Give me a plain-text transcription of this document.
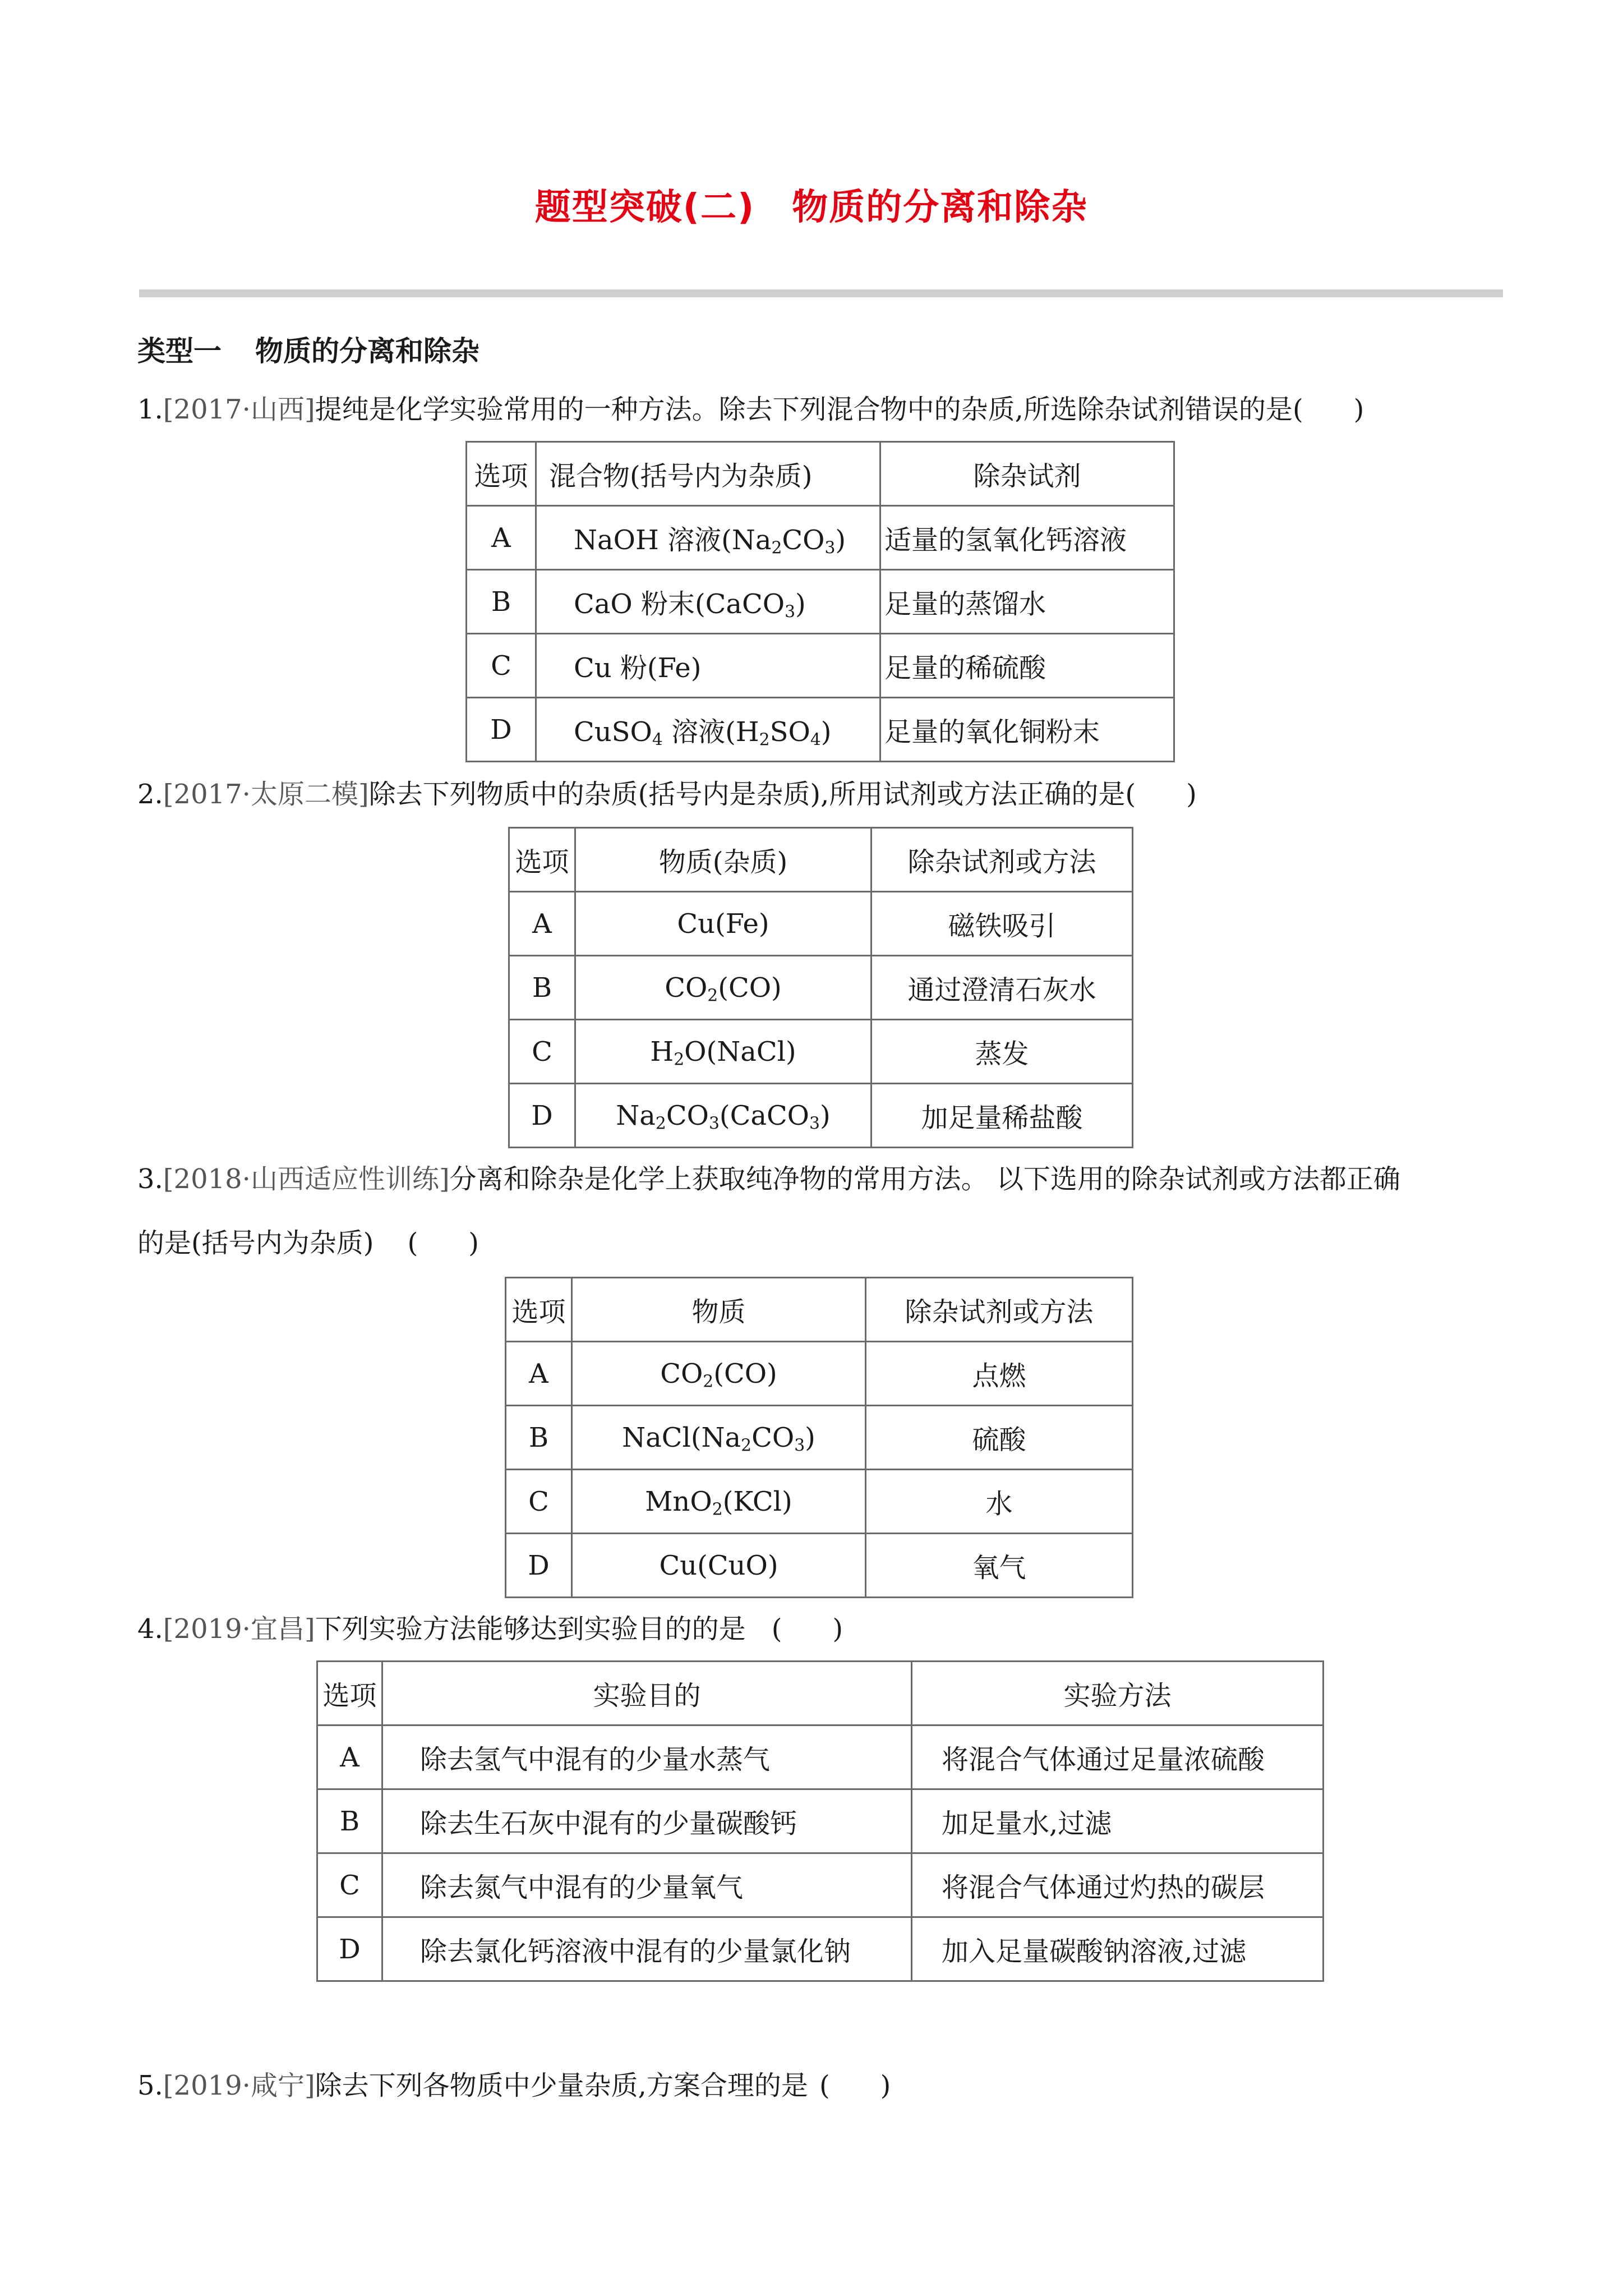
题型突破(二)　物质的分离和除杂
类型一 物质的分离和除杂
1.[2017·山西]提纯是化学实验常用的一种方法。除去下列混合物中的杂质,所选除杂试剂错误的是( )
选项	混合物(括号内为杂质)	除杂试剂
A	NaOH 溶液$(Na_2CO_3)$	适量的氢氧化钙溶液
B	CaO 粉末(CaCO$_3$)	足量的蒸馏水
C	Cu 粉(Fe)	足量的稀硫酸
D	CuSO$_4$ 溶液$(H_2SO_4)$	足量的氧化铜粉末
2.[2017·太原二模]除去下列物质中的杂质(括号内是杂质),所用试剂或方法正确的是( )
选项	物质(杂质)	除杂试剂或方法
A	Cu(Fe)	磁铁吸引
B	$CO_2(CO)$	通过澄清石灰水
C	$H_2O(NaCl)$	蒸发
D	$Na_2CO_3(CaCO_3)$	加足量稀盐酸
3.[2018·山西适应性训练]分离和除杂是化学上获取纯净物的常用方法。 以下选用的除杂试剂或方法都正确
的是(括号内为杂质) ( )
选项	物质	除杂试剂或方法
A	$CO_2(CO)$	点燃
B	$NaCl(Na_2CO_3)$	硫酸
C	MnO$_2$(KCl)	水
D	Cu(CuO)	氧气
4.[2019·宜昌]下列实验方法能够达到实验目的的是 ( )
选项	实验目的	实验方法
A	除去氢气中混有的少量水蒸气	将混合气体通过足量浓硫酸
B	除去生石灰中混有的少量碳酸钙	加足量水,过滤
C	除去氮气中混有的少量氧气	将混合气体通过灼热的碳层
D	除去氯化钙溶液中混有的少量氯化钠	加入足量碳酸钠溶液,过滤
5.[2019·咸宁]除去下列各物质中少量杂质,方案合理的是 ( )
